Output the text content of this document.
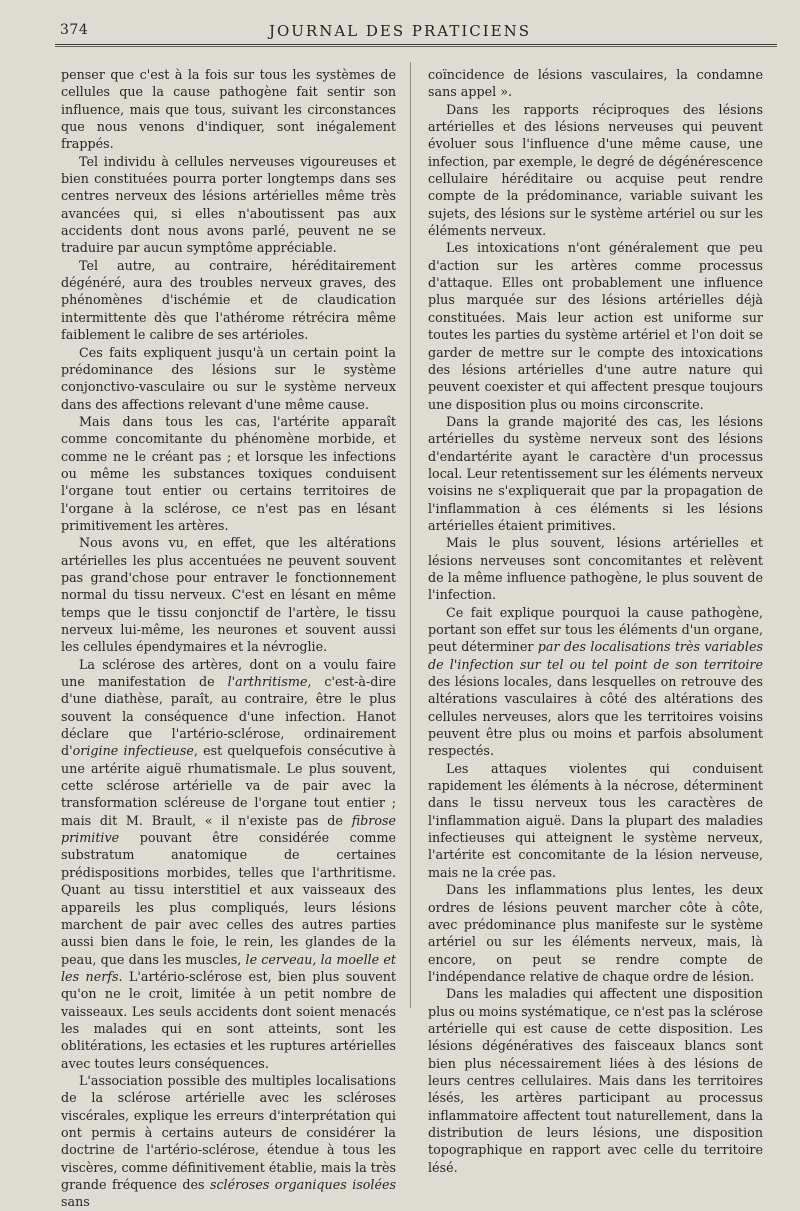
374	JOURNAL DES PRATICIENS

penser que c'est à la fois sur tous les systèmes de cellules que la cause pathogène fait sentir son influence, mais que tous, suivant les circonstances que nous venons d'indiquer, sont inégalement frappés.

Tel individu à cellules nerveuses vigoureuses et bien constituées pourra porter longtemps dans ses centres nerveux des lésions artérielles même très avancées qui, si elles n'aboutissent pas aux accidents dont nous avons parlé, peuvent ne se traduire par aucun symptôme appréciable.

Tel autre, au contraire, héréditairement dégénéré, aura des troubles nerveux graves, des phénomènes d'ischémie et de claudication intermittente dès que l'athérome rétrécira même faiblement le calibre de ses artérioles.

Ces faits expliquent jusqu'à un certain point la prédominance des lésions sur le système conjonctivo-vasculaire ou sur le système nerveux dans des affections relevant d'une même cause.

Mais dans tous les cas, l'artérite apparaît comme concomitante du phénomène morbide, et comme ne le créant pas ; et lorsque les infections ou même les substances toxiques conduisent l'organe tout entier ou certains territoires de l'organe à la sclérose, ce n'est pas en lésant primitivement les artères.

Nous avons vu, en effet, que les altérations artérielles les plus accentuées ne peuvent souvent pas grand'chose pour entraver le fonctionnement normal du tissu nerveux. C'est en lésant en même temps que le tissu conjonctif de l'artère, le tissu nerveux lui-même, les neurones et souvent aussi les cellules épendymaires et la névroglie.

La sclérose des artères, dont on a voulu faire une manifestation de l'arthritisme, c'est-à-dire d'une diathèse, paraît, au contraire, être le plus souvent la conséquence d'une infection. Hanot déclare que l'artério-sclérose, ordinairement d'origine infectieuse, est quelquefois consécutive à une artérite aiguë rhumatismale. Le plus souvent, cette sclérose artérielle va de pair avec la transformation scléreuse de l'organe tout entier ; mais dit M. Brault, « il n'existe pas de fibrose primitive pouvant être considérée comme substratum anatomique de certaines prédispositions morbides, telles que l'arthritisme. Quant au tissu interstitiel et aux vaisseaux des appareils les plus compliqués, leurs lésions marchent de pair avec celles des autres parties aussi bien dans le foie, le rein, les glandes de la peau, que dans les muscles, le cerveau, la moelle et les nerfs. L'artério-sclérose est, bien plus souvent qu'on ne le croit, limitée à un petit nombre de vaisseaux. Les seuls accidents dont soient menacés les malades qui en sont atteints, sont les oblitérations, les ectasies et les ruptures artérielles avec toutes leurs conséquences.

L'association possible des multiples localisations de la sclérose artérielle avec les scléroses viscérales, explique les erreurs d'interprétation qui ont permis à certains auteurs de considérer la doctrine de l'artério-sclérose, étendue à tous les viscères, comme définitivement établie, mais la très grande fréquence des scléroses organiques isolées sans

coïncidence de lésions vasculaires, la condamne sans appel ».

Dans les rapports réciproques des lésions artérielles et des lésions nerveuses qui peuvent évoluer sous l'influence d'une même cause, une infection, par exemple, le degré de dégénérescence cellulaire héréditaire ou acquise peut rendre compte de la prédominance, variable suivant les sujets, des lésions sur le système artériel ou sur les éléments nerveux.

Les intoxications n'ont généralement que peu d'action sur les artères comme processus d'attaque. Elles ont probablement une influence plus marquée sur des lésions artérielles déjà constituées. Mais leur action est uniforme sur toutes les parties du système artériel et l'on doit se garder de mettre sur le compte des intoxications des lésions artérielles d'une autre nature qui peuvent coexister et qui affectent presque toujours une disposition plus ou moins circonscrite.

Dans la grande majorité des cas, les lésions artérielles du système nerveux sont des lésions d'endartérite ayant le caractère d'un processus local. Leur retentissement sur les éléments nerveux voisins ne s'expliquerait que par la propagation de l'inflammation à ces éléments si les lésions artérielles étaient primitives.

Mais le plus souvent, lésions artérielles et lésions nerveuses sont concomitantes et relèvent de la même influence pathogène, le plus souvent de l'infection.

Ce fait explique pourquoi la cause pathogène, portant son effet sur tous les éléments d'un organe, peut déterminer par des localisations très variables de l'infection sur tel ou tel point de son territoire des lésions locales, dans lesquelles on retrouve des altérations vasculaires à côté des altérations des cellules nerveuses, alors que les territoires voisins peuvent être plus ou moins et parfois absolument respectés.

Les attaques violentes qui conduisent rapidement les éléments à la nécrose, déterminent dans le tissu nerveux tous les caractères de l'inflammation aiguë. Dans la plupart des maladies infectieuses qui atteignent le système nerveux, l'artérite est concomitante de la lésion nerveuse, mais ne la crée pas.

Dans les inflammations plus lentes, les deux ordres de lésions peuvent marcher côte à côte, avec prédominance plus manifeste sur le système artériel ou sur les éléments nerveux, mais, là encore, on peut se rendre compte de l'indépendance relative de chaque ordre de lésion.

Dans les maladies qui affectent une disposition plus ou moins systématique, ce n'est pas la sclérose artérielle qui est cause de cette disposition. Les lésions dégénératives des faisceaux blancs sont bien plus nécessairement liées à des lésions de leurs centres cellulaires. Mais dans les territoires lésés, les artères participant au processus inflammatoire affectent tout naturellement, dans la distribution de leurs lésions, une disposition topographique en rapport avec celle du territoire lésé.
